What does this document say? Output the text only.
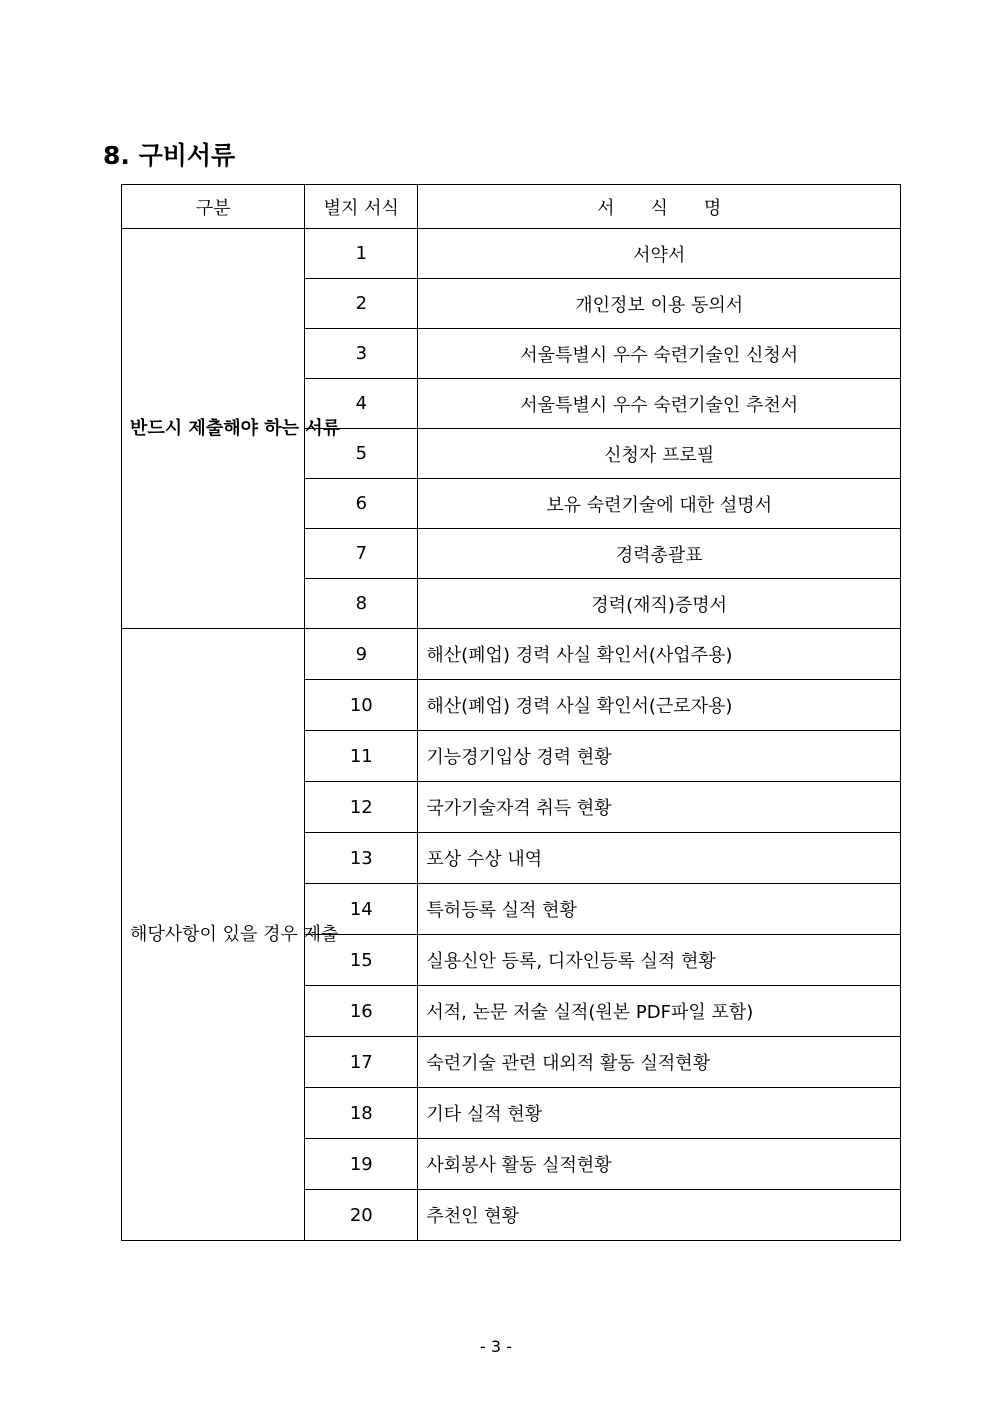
8. 구비서류
구분	별지 서식	서　　식　　명
반드시 제출해야 하는 서류	1	서약서
	2	개인정보 이용 동의서
	3	서울특별시 우수 숙련기술인 신청서
	4	서울특별시 우수 숙련기술인 추천서
	5	신청자 프로필
	6	보유 숙련기술에 대한 설명서
	7	경력총괄표
	8	경력(재직)증명서
해당사항이 있을 경우 제출	9	해산(폐업) 경력 사실 확인서(사업주용)
	10	해산(폐업) 경력 사실 확인서(근로자용)
	11	기능경기입상 경력 현황
	12	국가기술자격 취득 현황
	13	포상 수상 내역
	14	특허등록 실적 현황
	15	실용신안 등록, 디자인등록 실적 현황
	16	서적, 논문 저술 실적(원본 PDF파일 포함)
	17	숙련기술 관련 대외적 활동 실적현황
	18	기타 실적 현황
	19	사회봉사 활동 실적현황
	20	추천인 현황
- 3 -
